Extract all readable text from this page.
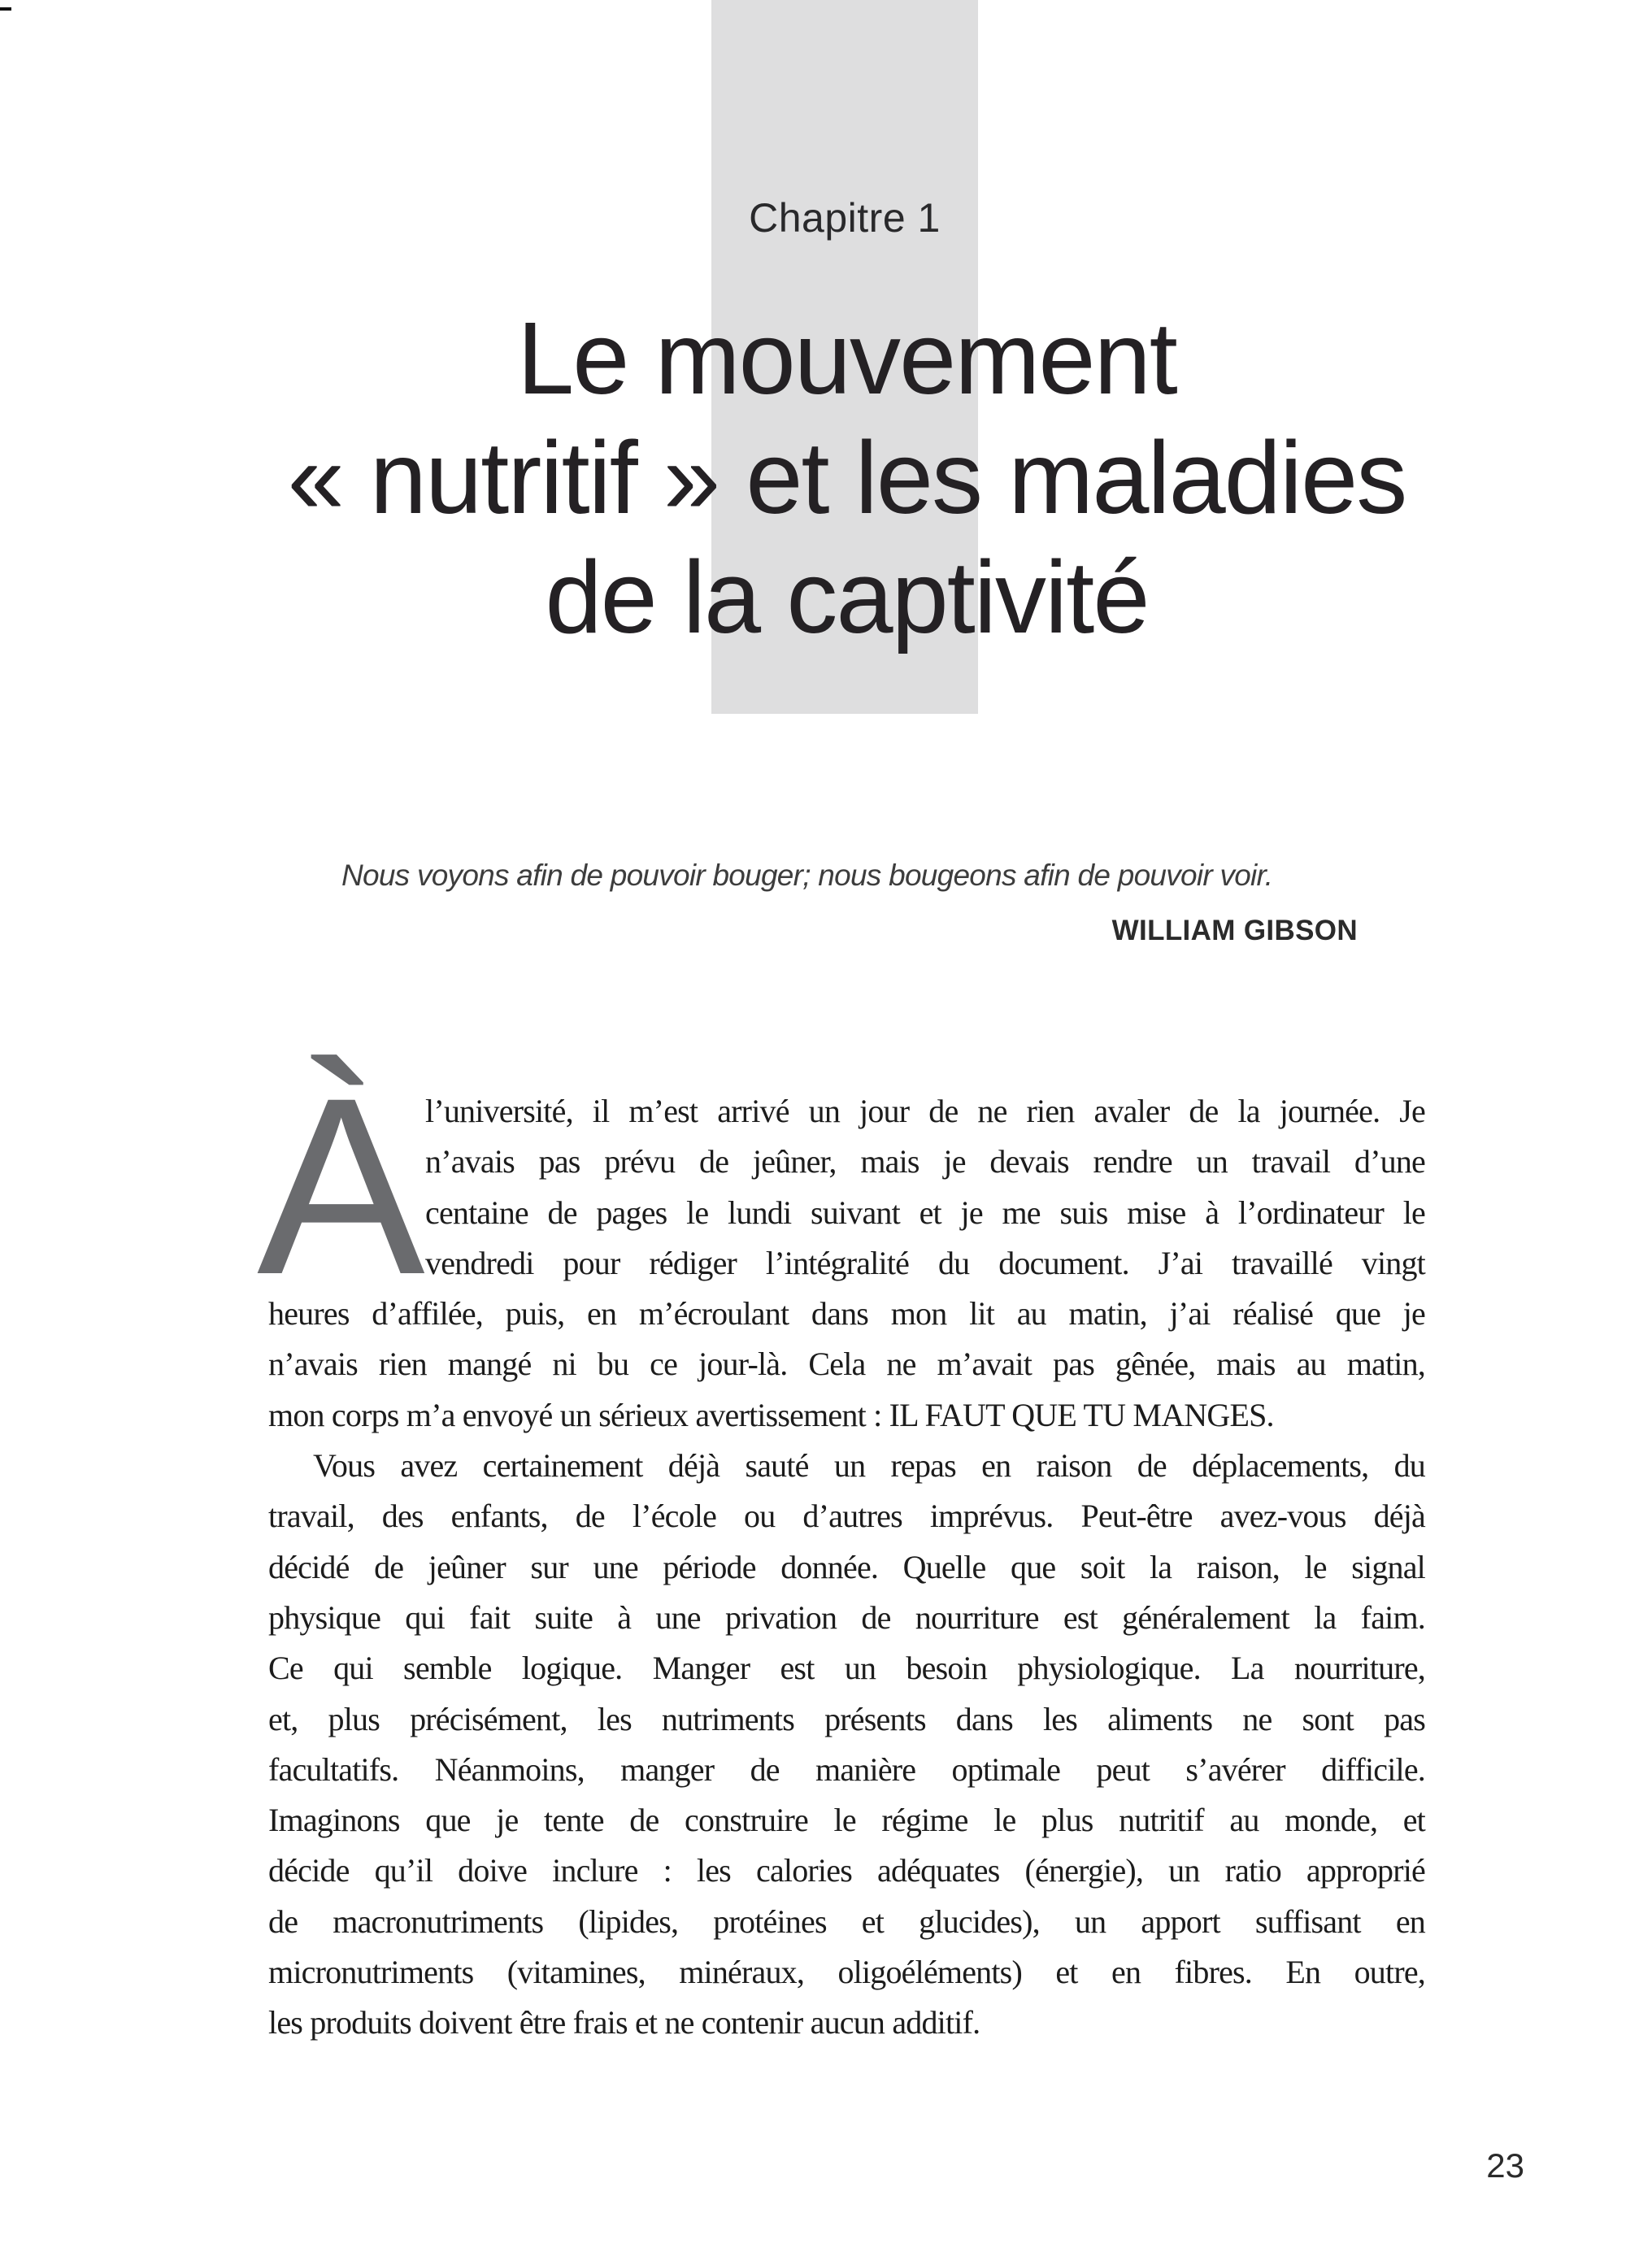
Chapitre 1
Le mouvement
« nutritif » et les maladies
de la captivité
Nous voyons afin de pouvoir bouger; nous bougeons afin de pouvoir voir.
WILLIAM GIBSON
À l’université, il m’est arrivé un jour de ne rien avaler de la journée. Je
n’avais pas prévu de jeûner, mais je devais rendre un travail d’une
centaine de pages le lundi suivant et je me suis mise à l’ordinateur le
vendredi pour rédiger l’intégralité du document. J’ai travaillé vingt
heures d’affilée, puis, en m’écroulant dans mon lit au matin, j’ai réalisé que je
n’avais rien mangé ni bu ce jour-là. Cela ne m’avait pas gênée, mais au matin,
mon corps m’a envoyé un sérieux avertissement : IL FAUT QUE TU MANGES.
Vous avez certainement déjà sauté un repas en raison de déplacements, du
travail, des enfants, de l’école ou d’autres imprévus. Peut-être avez-vous déjà
décidé de jeûner sur une période donnée. Quelle que soit la raison, le signal
physique qui fait suite à une privation de nourriture est généralement la faim.
Ce qui semble logique. Manger est un besoin physiologique. La nourriture,
et, plus précisément, les nutriments présents dans les aliments ne sont pas
facultatifs. Néanmoins, manger de manière optimale peut s’avérer difficile.
Imaginons que je tente de construire le régime le plus nutritif au monde, et
décide qu’il doive inclure : les calories adéquates (énergie), un ratio approprié
de macronutriments (lipides, protéines et glucides), un apport suffisant en
micronutriments (vitamines, minéraux, oligoéléments) et en fibres. En outre,
les produits doivent être frais et ne contenir aucun additif.
23
